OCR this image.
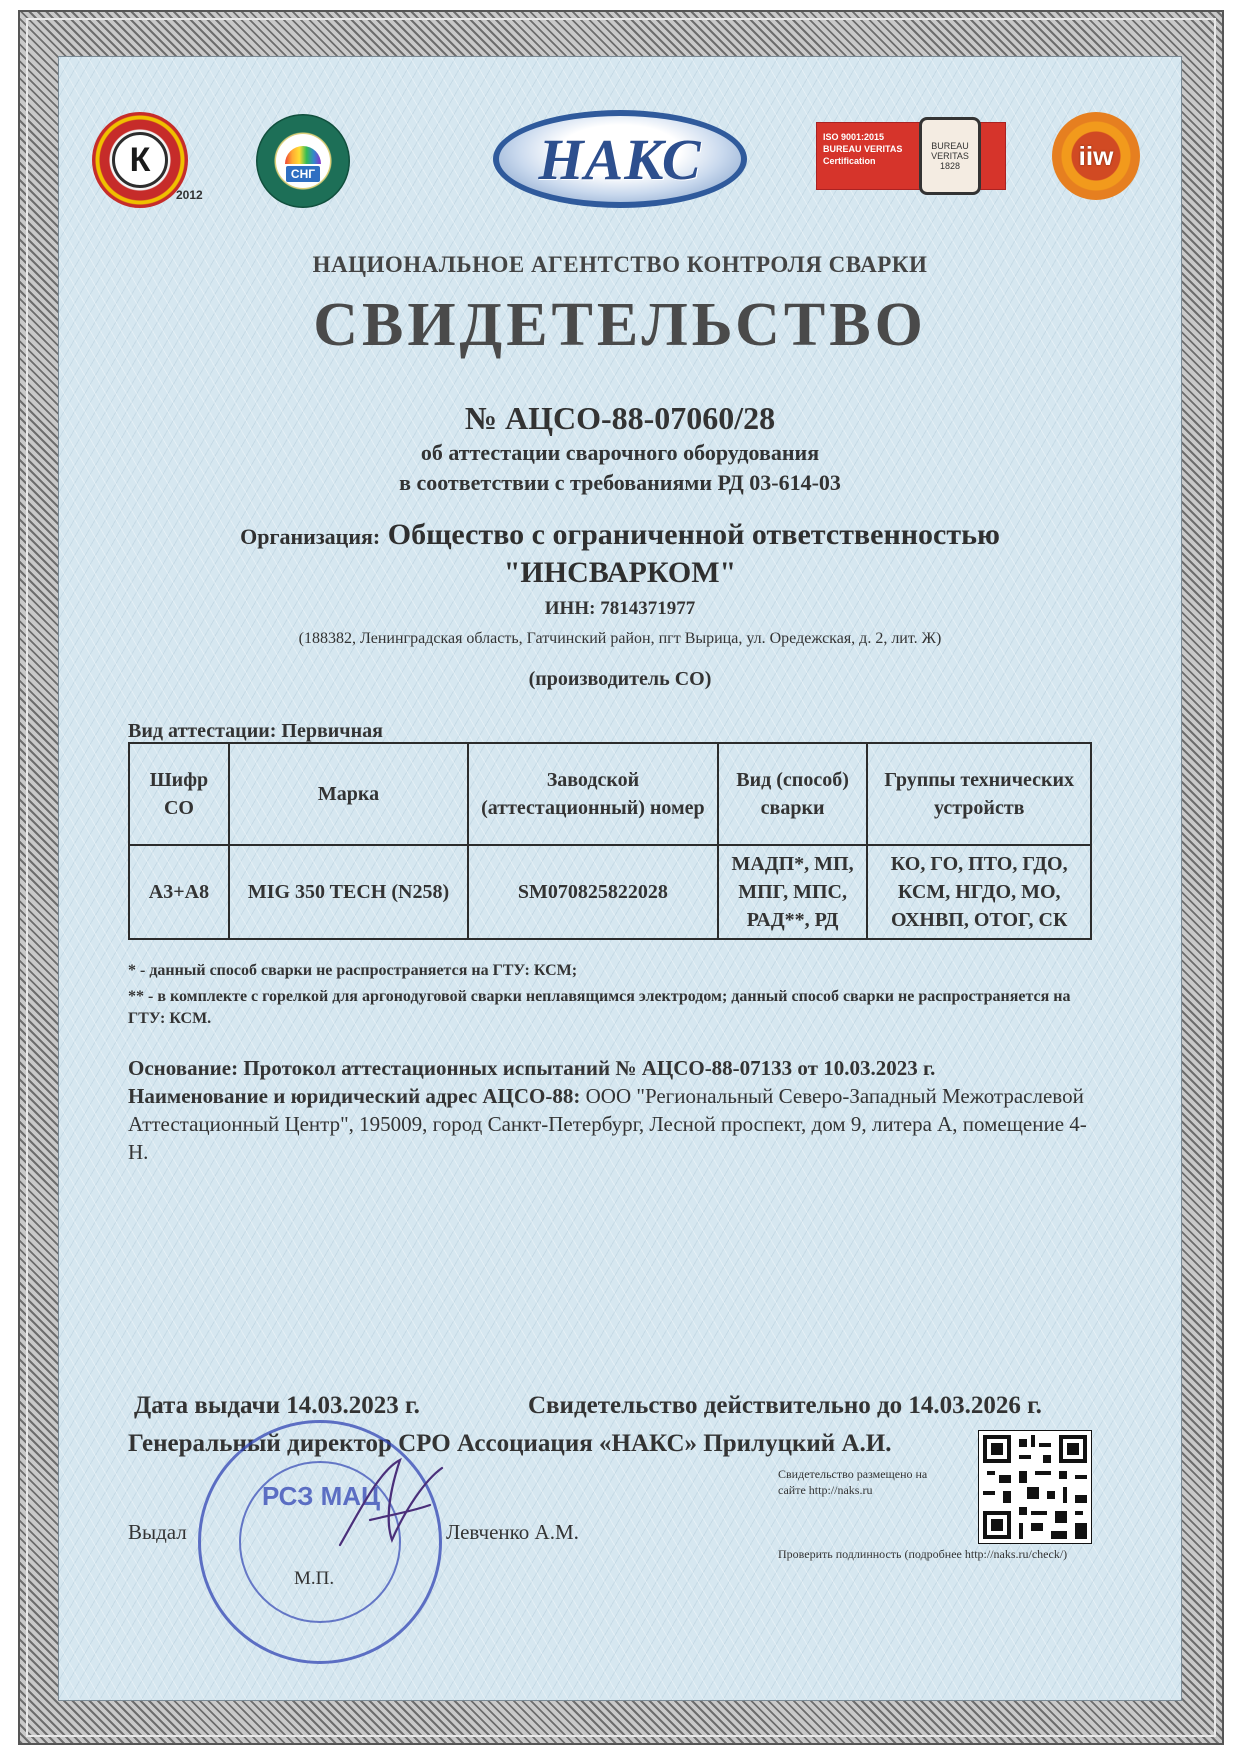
К
2012
СНГ	НАКС	ISO 9001:2015
BUREAU VERITAS
Certification
BUREAU VERITAS 1828	iiw
НАЦИОНАЛЬНОЕ АГЕНТСТВО КОНТРОЛЯ СВАРКИ
СВИДЕТЕЛЬСТВО
№ АЦСО-88-07060/28
об аттестации сварочного оборудования
в соответствии с требованиями РД 03-614-03
Организация: Общество с ограниченной ответственностью
"ИНСВАРКОМ"
ИНН: 7814371977
(188382, Ленинградская область, Гатчинский район, пгт Вырица, ул. Оредежская, д. 2, лит. Ж)
(производитель СО)
Вид аттестации: Первичная
Шифр СО	Марка	Заводской (аттестационный) номер	Вид (способ) сварки	Группы технических устройств
А3+А8	MIG 350 TECH (N258)	SM070825822028	МАДП*, МП, МПГ, МПС, РАД**, РД	КО, ГО, ПТО, ГДО, КСМ, НГДО, МО, ОХНВП, ОТОГ, СК
* - данный способ сварки не распространяется на ГТУ: КСМ;
** - в комплекте с горелкой для аргонодуговой сварки неплавящимся электродом; данный способ сварки не распространяется на ГТУ: КСМ.
Основание: Протокол аттестационных испытаний № АЦСО-88-07133 от 10.03.2023 г.
Наименование и юридический адрес АЦСО-88: ООО "Региональный Северо-Западный Межотраслевой Аттестационный Центр", 195009, город Санкт-Петербург, Лесной проспект, дом 9, литера А, помещение 4-Н.
Дата выдачи 14.03.2023 г.	Свидетельство действительно до 14.03.2026 г.
Генеральный директор СРО Ассоциация «НАКС» Прилуцкий А.И.
Свидетельство размещено на
сайте http://naks.ru
Проверить подлинность (подробнее http://naks.ru/check/)
Выдал	Левченко А.М.
РСЗ МАЦ
М.П.
